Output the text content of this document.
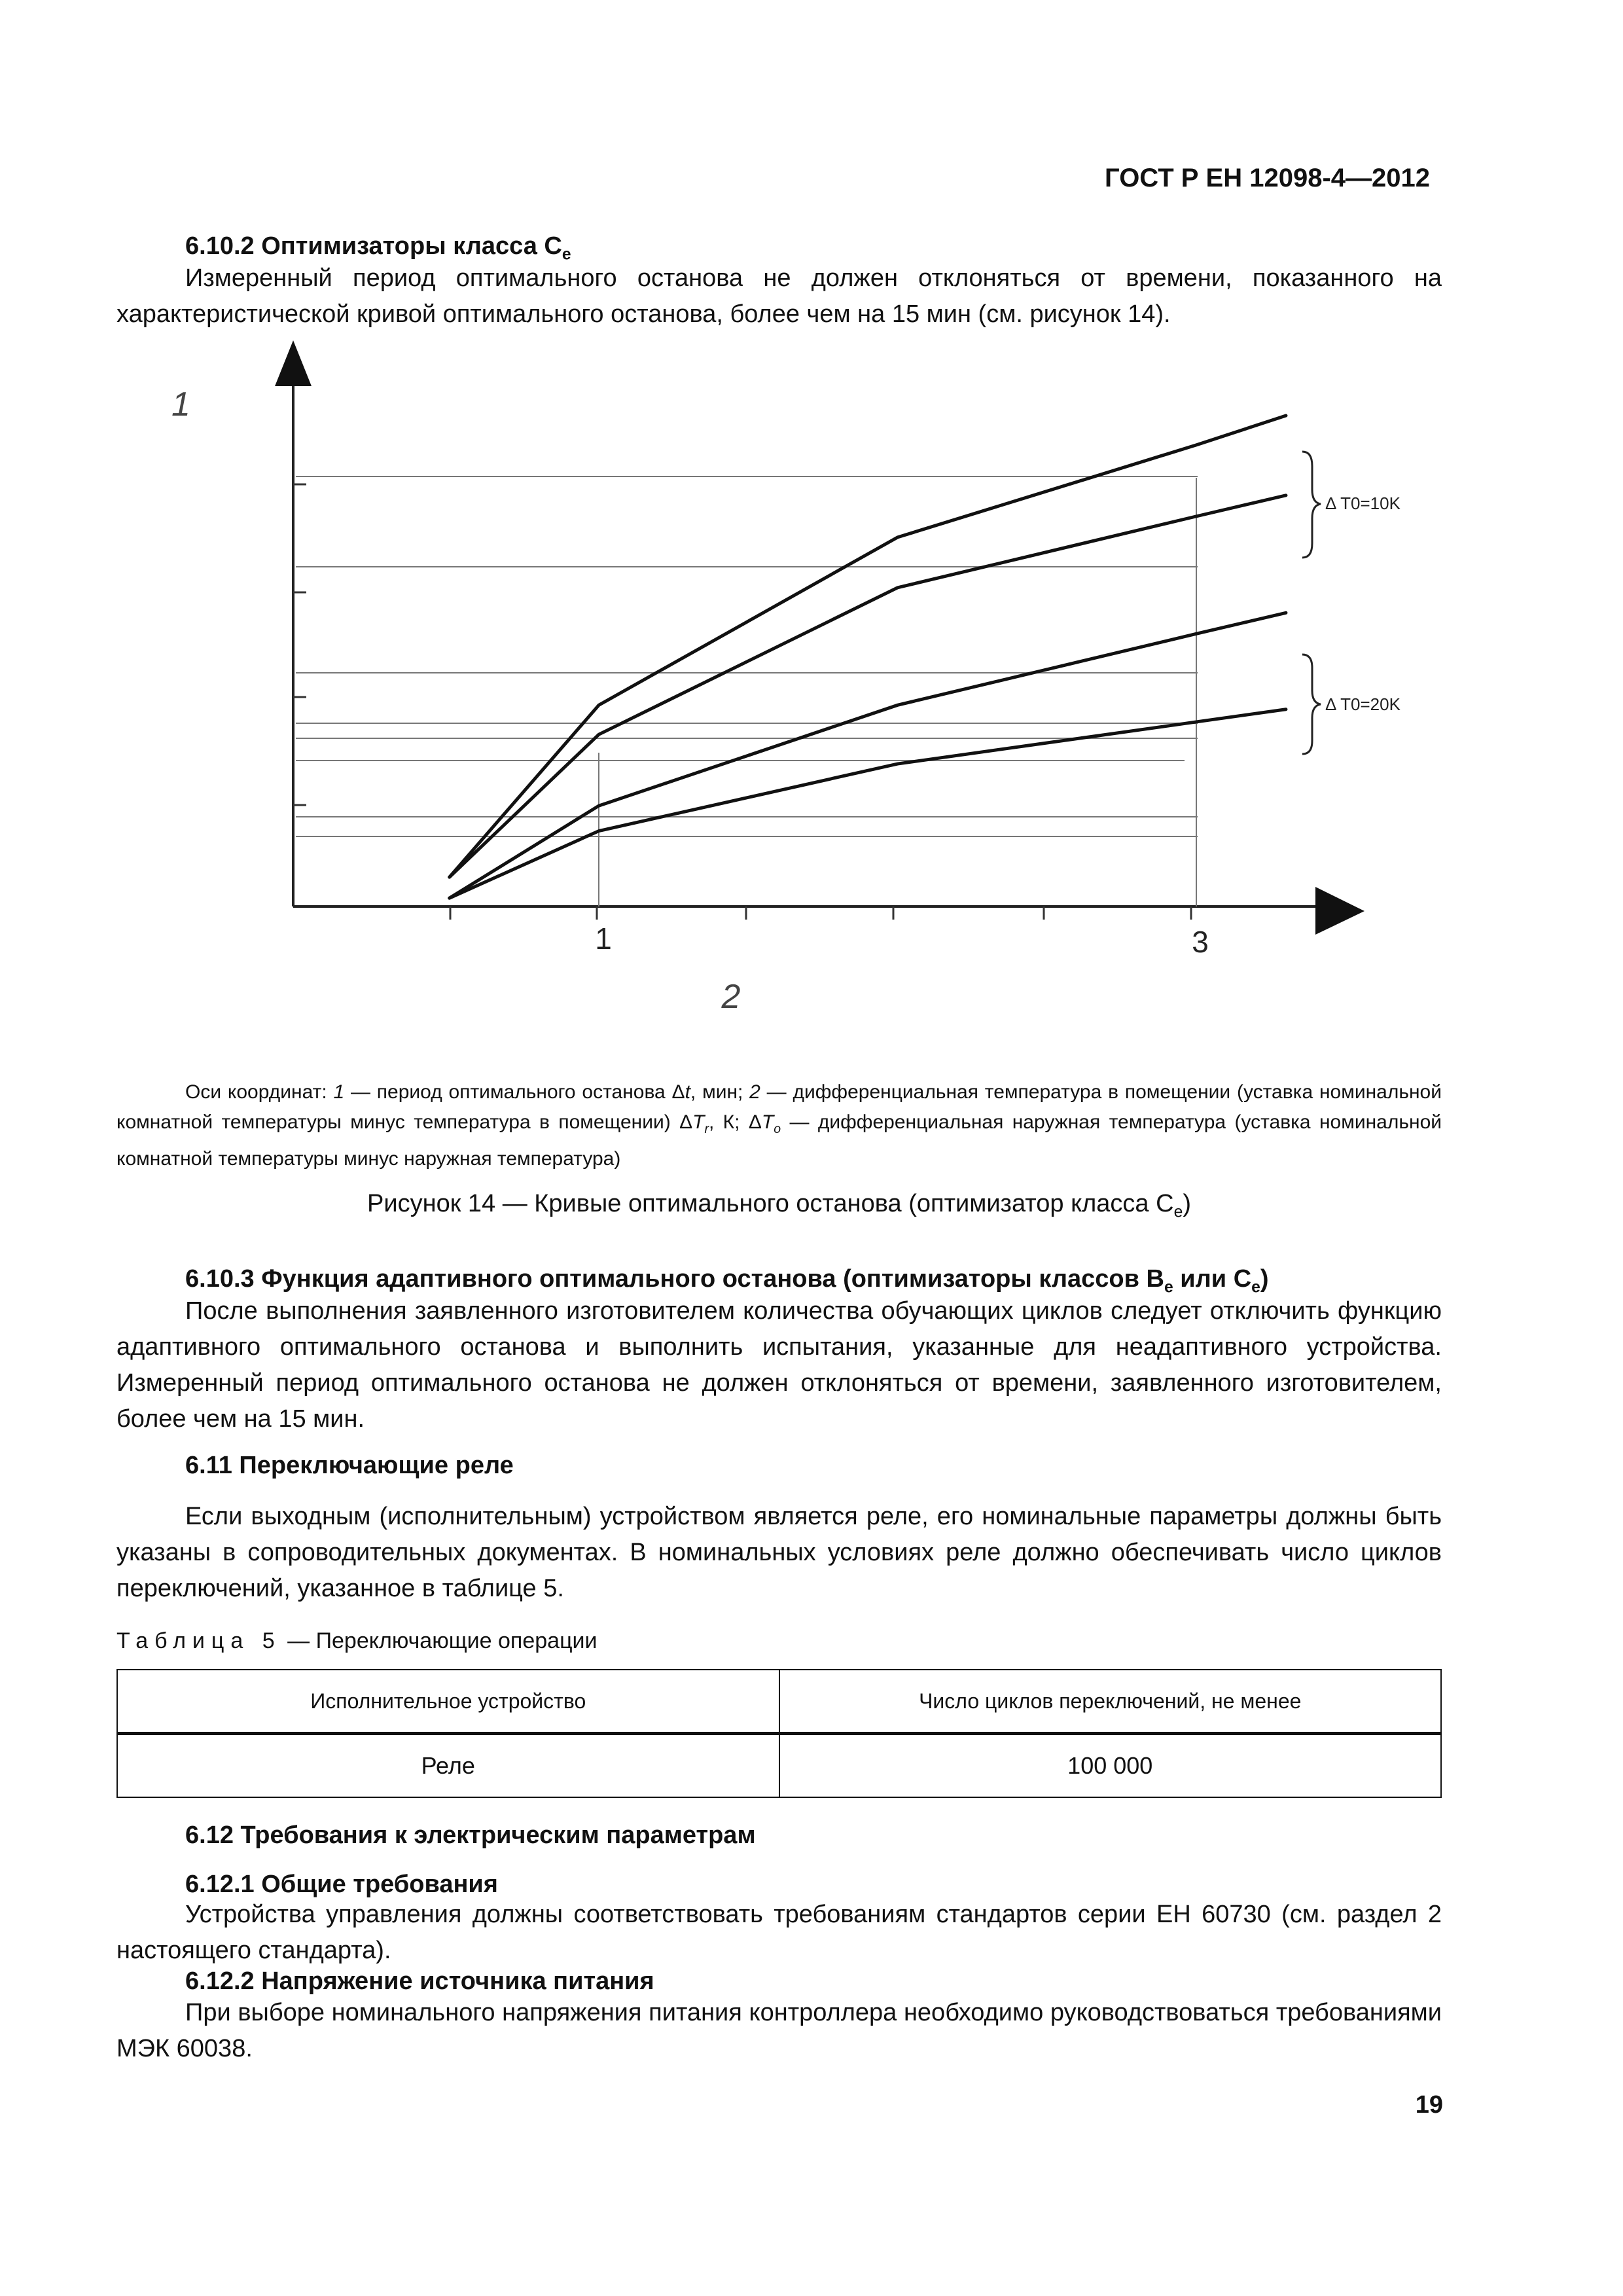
ГОСТ Р ЕН 12098-4—2012
6.10.2 Оптимизаторы класса $C_е$

Измеренный период оптимального останова не должен отклоняться от времени, показанного на характеристической кривой оптимального останова, более чем на 15 мин (см. рисунок 14).

Δ T0=10K
Δ T0=20K
1
1	3
2

Оси координат: 1 — период оптимального останова Δt, мин; 2 — дифференциальная температура в помещении (уставка номинальной комнатной температуры минус температура в помещении) $\Delta T_r$, К; $\Delta T_o$ — дифференциальная наружная температура (уставка номинальной комнатной температуры минус наружная температура)

Рисунок 14 — Кривые оптимального останова (оптимизатор класса $C_е$)

6.10.3 Функция адаптивного оптимального останова (оптимизаторы классов $B_е$ или $C_е$)

После выполнения заявленного изготовителем количества обучающих циклов следует отключить функцию адаптивного оптимального останова и выполнить испытания, указанные для неадаптивного устройства. Измеренный период оптимального останова не должен отклоняться от времени, заявленного изготовителем, более чем на 15 мин.

6.11 Переключающие реле

Если выходным (исполнительным) устройством является реле, его номинальные параметры должны быть указаны в сопроводительных документах. В номинальных условиях реле должно обеспечивать число циклов переключений, указанное в таблице 5.

Таблица 5 — Переключающие операции
Исполнительное устройство	Число циклов переключений, не менее
Реле	100 000
6.12 Требования к электрическим параметрам
6.12.1 Общие требования

Устройства управления должны соответствовать требованиям стандартов серии ЕН 60730 (см. раздел 2 настоящего стандарта).

6.12.2 Напряжение источника питания

При выборе номинального напряжения питания контроллера необходимо руководствоваться требованиями МЭК 60038.

19
